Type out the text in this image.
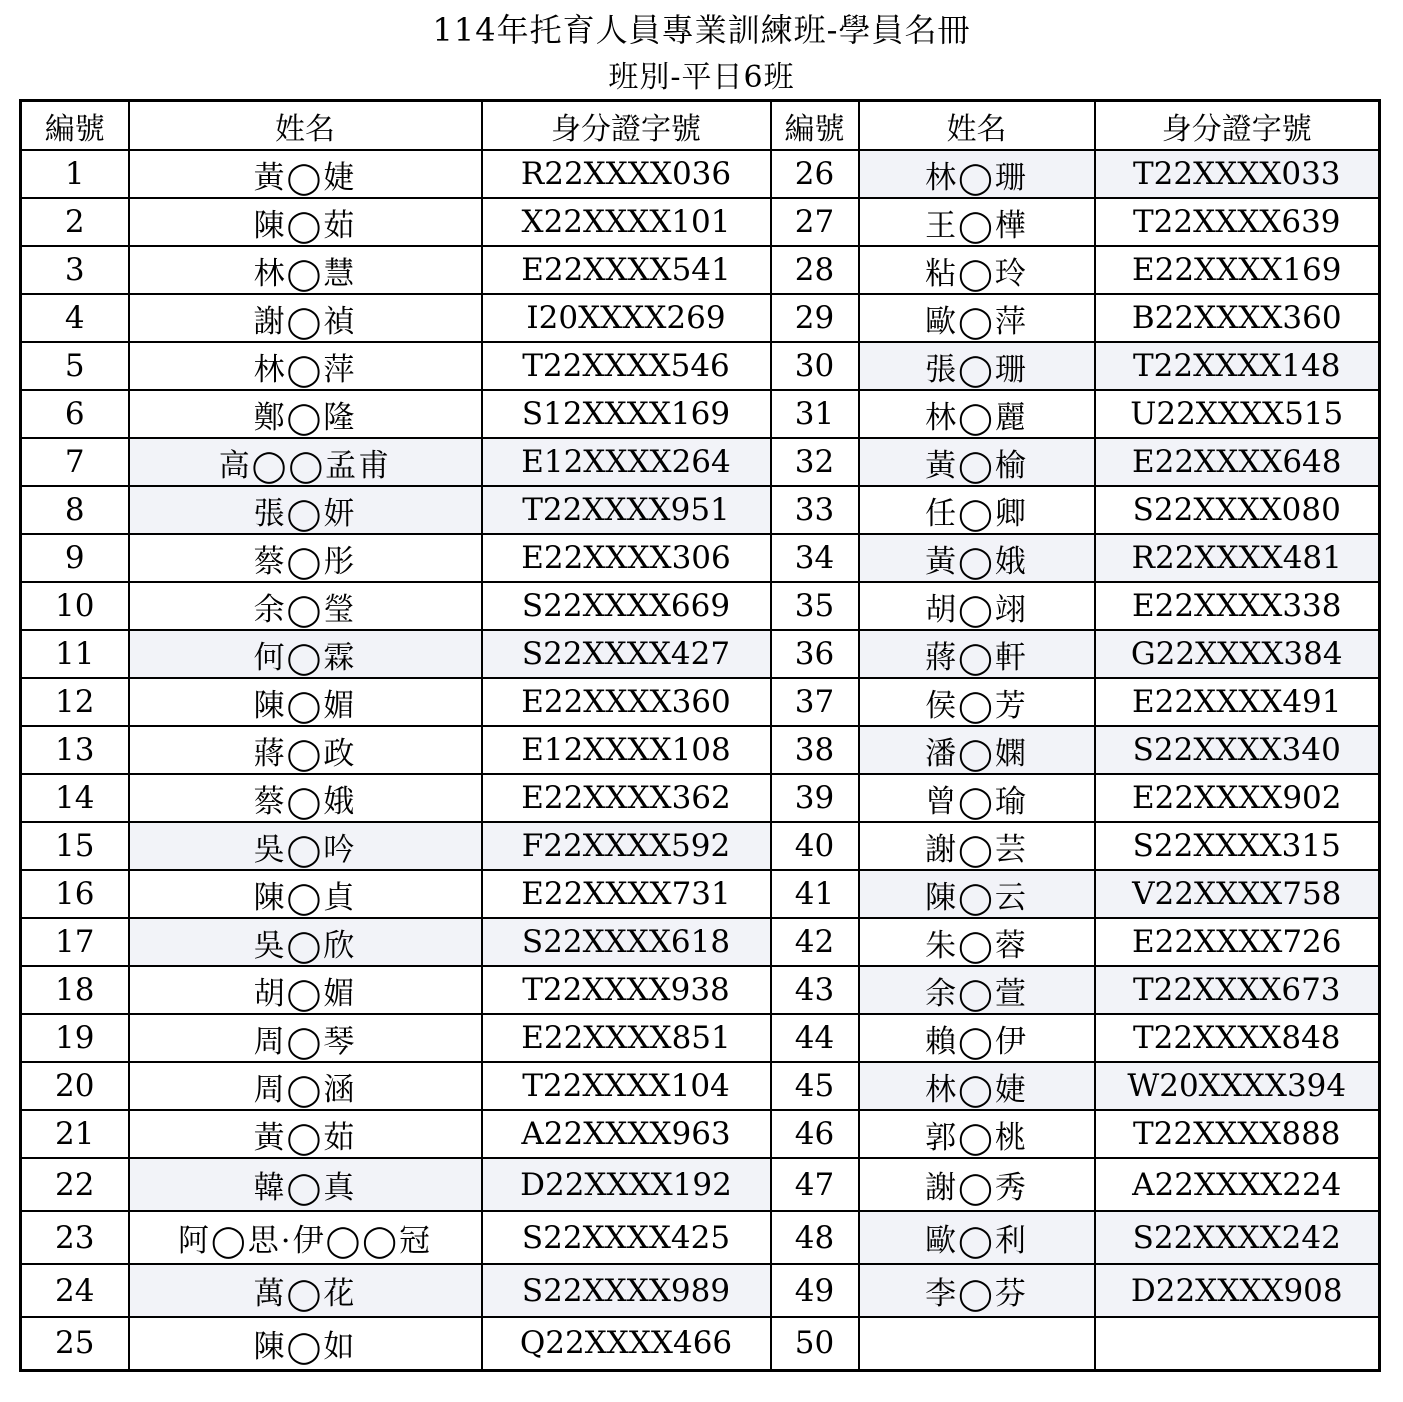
114年托育人員專業訓練班-學員名冊
班別-平日6班
編號	姓名	身分證字號	編號	姓名	身分證字號
1	黃◯婕	R22XXXX036	26	林◯珊	T22XXXX033
2	陳◯茹	X22XXXX101	27	王◯樺	T22XXXX639
3	林◯慧	E22XXXX541	28	粘◯玲	E22XXXX169
4	謝◯禎	I20XXXX269	29	歐◯萍	B22XXXX360
5	林◯萍	T22XXXX546	30	張◯珊	T22XXXX148
6	鄭◯隆	S12XXXX169	31	林◯麗	U22XXXX515
7	高◯◯孟甫	E12XXXX264	32	黃◯榆	E22XXXX648
8	張◯妍	T22XXXX951	33	任◯卿	S22XXXX080
9	蔡◯彤	E22XXXX306	34	黃◯娥	R22XXXX481
10	余◯瑩	S22XXXX669	35	胡◯翊	E22XXXX338
11	何◯霖	S22XXXX427	36	蔣◯軒	G22XXXX384
12	陳◯媚	E22XXXX360	37	侯◯芳	E22XXXX491
13	蔣◯政	E12XXXX108	38	潘◯嫻	S22XXXX340
14	蔡◯娥	E22XXXX362	39	曾◯瑜	E22XXXX902
15	吳◯吟	F22XXXX592	40	謝◯芸	S22XXXX315
16	陳◯貞	E22XXXX731	41	陳◯云	V22XXXX758
17	吳◯欣	S22XXXX618	42	朱◯蓉	E22XXXX726
18	胡◯媚	T22XXXX938	43	余◯萱	T22XXXX673
19	周◯琴	E22XXXX851	44	賴◯伊	T22XXXX848
20	周◯涵	T22XXXX104	45	林◯婕	W20XXXX394
21	黃◯茹	A22XXXX963	46	郭◯桃	T22XXXX888
22	韓◯真	D22XXXX192	47	謝◯秀	A22XXXX224
23	阿◯思·伊◯◯冠	S22XXXX425	48	歐◯利	S22XXXX242
24	萬◯花	S22XXXX989	49	李◯芬	D22XXXX908
25	陳◯如	Q22XXXX466	50		
